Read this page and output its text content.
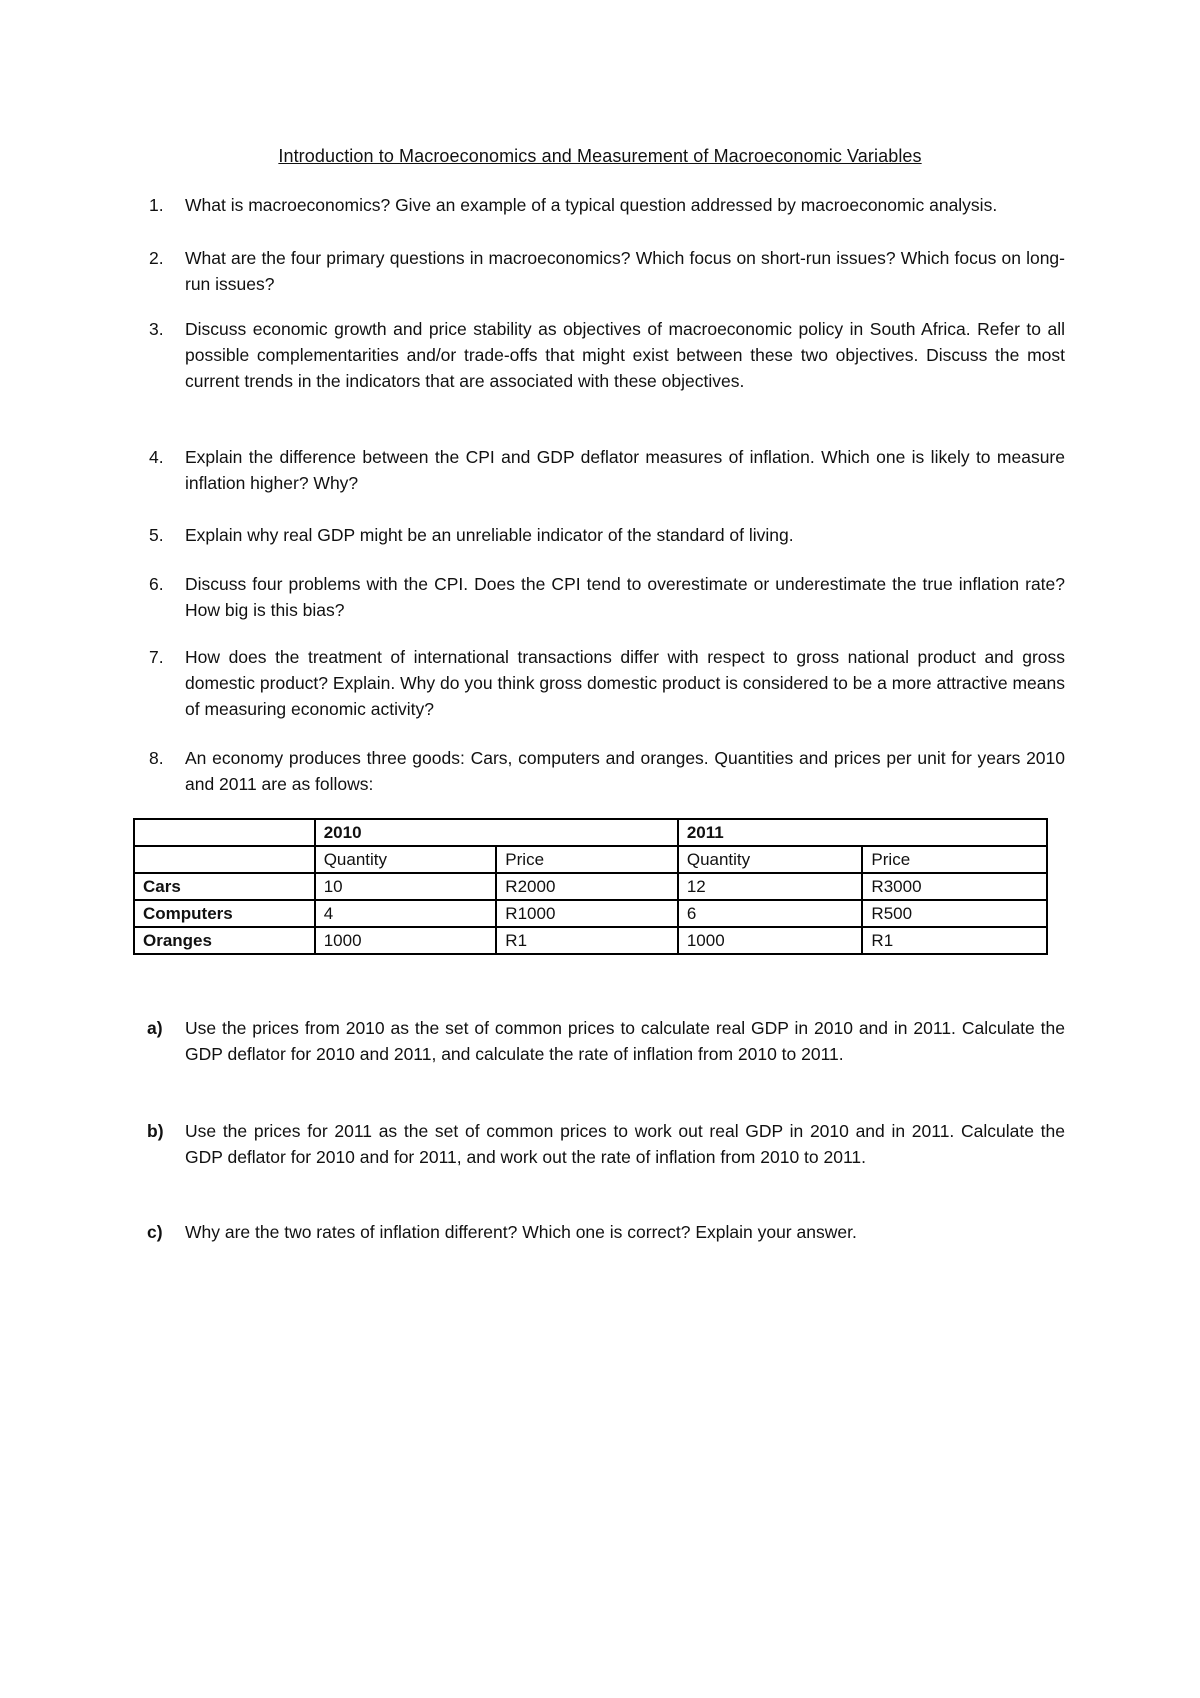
Introduction to Macroeconomics and Measurement of Macroeconomic Variables
1.	What is macroeconomics? Give an example of a typical question addressed by macroeconomic analysis.
2.	What are the four primary questions in macroeconomics? Which focus on short-run issues? Which focus on long-run issues?
3.	Discuss economic growth and price stability as objectives of macroeconomic policy in South Africa. Refer to all possible complementarities and/or trade-offs that might exist between these two objectives. Discuss the most current trends in the indicators that are associated with these objectives.
4.	Explain the difference between the CPI and GDP deflator measures of inflation. Which one is likely to measure inflation higher? Why?
5.	Explain why real GDP might be an unreliable indicator of the standard of living.
6.	Discuss four problems with the CPI. Does the CPI tend to overestimate or underestimate the true inflation rate? How big is this bias?
7.	How does the treatment of international transactions differ with respect to gross national product and gross domestic product? Explain. Why do you think gross domestic product is considered to be a more attractive means of measuring economic activity?
8.	An economy produces three goods: Cars, computers and oranges. Quantities and prices per unit for years 2010 and 2011 are as follows:
	2010		2011	
	Quantity	Price	Quantity	Price
Cars	10	R2000	12	R3000
Computers	4	R1000	6	R500
Oranges	1000	R1	1000	R1
a)	Use the prices from 2010 as the set of common prices to calculate real GDP in 2010 and in 2011. Calculate the GDP deflator for 2010 and 2011, and calculate the rate of inflation from 2010 to 2011.
b)	Use the prices for 2011 as the set of common prices to work out real GDP in 2010 and in 2011. Calculate the GDP deflator for 2010 and for 2011, and work out the rate of inflation from 2010 to 2011.
c)	Why are the two rates of inflation different? Which one is correct? Explain your answer.
